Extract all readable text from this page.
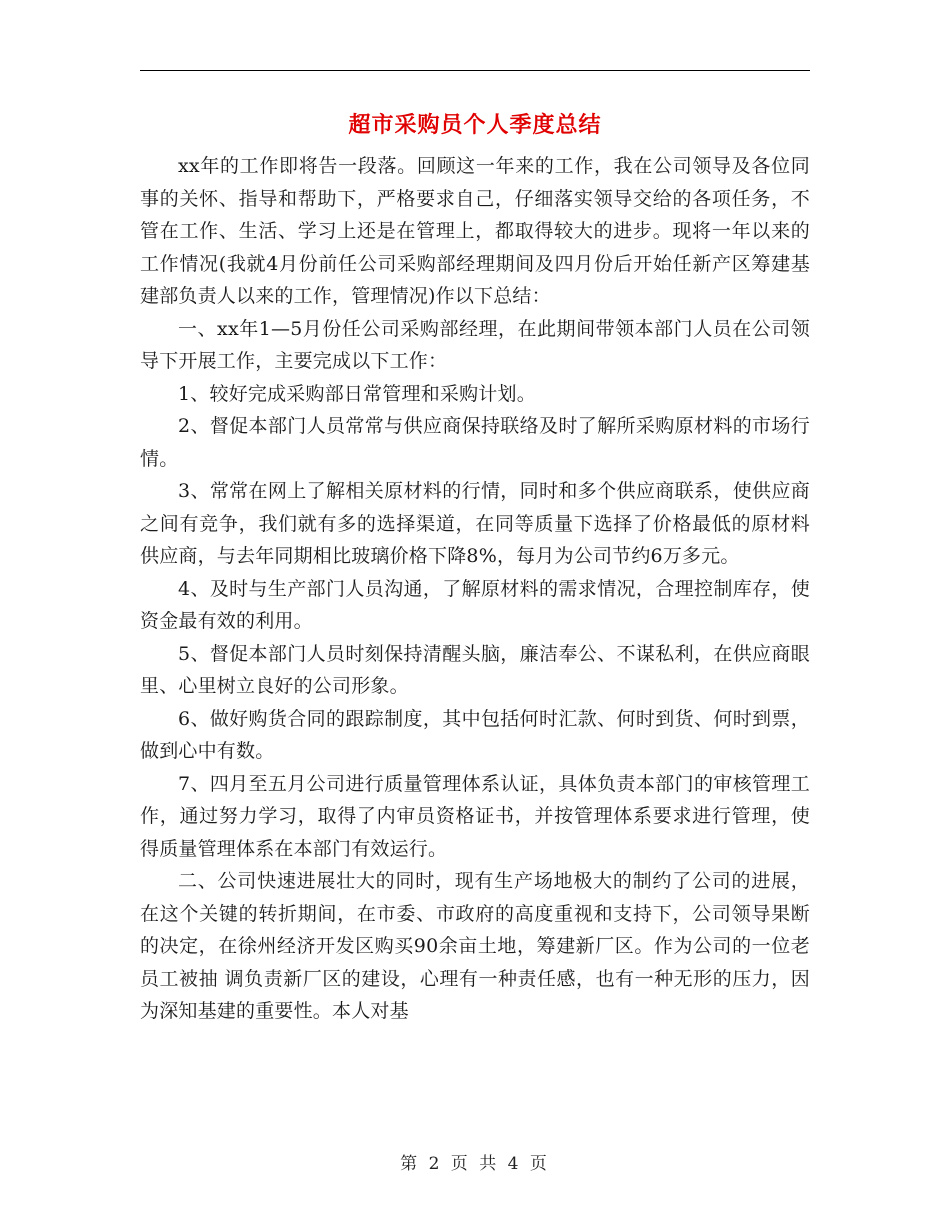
超市采购员个人季度总结

xx年的工作即将告一段落。回顾这一年来的工作，我在公司领导及各位同事的关怀、指导和帮助下，严格要求自己，仔细落实领导交给的各项任务，不管在工作、生活、学习上还是在管理上，都取得较大的进步。现将一年以来的工作情况(我就4月份前任公司采购部经理期间及四月份后开始任新产区筹建基建部负责人以来的工作，管理情况)作以下总结：

一、xx年1—5月份任公司采购部经理，在此期间带领本部门人员在公司领导下开展工作，主要完成以下工作：

1、较好完成采购部日常管理和采购计划。

2、督促本部门人员常常与供应商保持联络及时了解所采购原材料的市场行情。

3、常常在网上了解相关原材料的行情，同时和多个供应商联系，使供应商之间有竞争，我们就有多的选择渠道，在同等质量下选择了价格最低的原材料供应商，与去年同期相比玻璃价格下降8%，每月为公司节约6万多元。

4、及时与生产部门人员沟通，了解原材料的需求情况，合理控制库存，使资金最有效的利用。

5、督促本部门人员时刻保持清醒头脑，廉洁奉公、不谋私利，在供应商眼里、心里树立良好的公司形象。

6、做好购货合同的跟踪制度，其中包括何时汇款、何时到货、何时到票，做到心中有数。

7、四月至五月公司进行质量管理体系认证，具体负责本部门的审核管理工作，通过努力学习，取得了内审员资格证书，并按管理体系要求进行管理，使得质量管理体系在本部门有效运行。

二、公司快速进展壮大的同时，现有生产场地极大的制约了公司的进展，在这个关键的转折期间，在市委、市政府的高度重视和支持下，公司领导果断的决定，在徐州经济开发区购买90余亩土地，筹建新厂区。作为公司的一位老员工被抽 调负责新厂区的建设，心理有一种责任感，也有一种无形的压力，因为深知基建的重要性。本人对基

第 2 页 共 4 页
